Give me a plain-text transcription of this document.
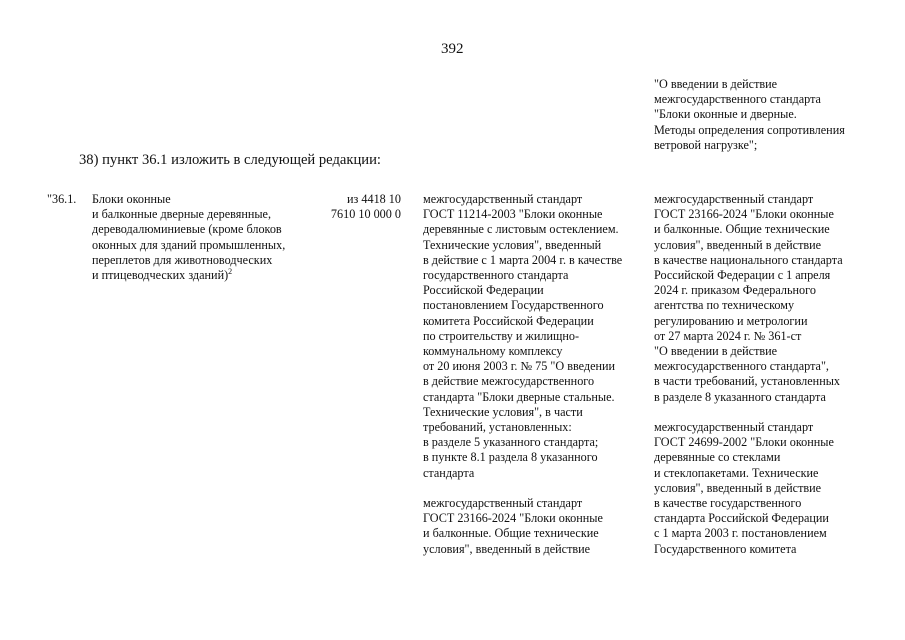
392
"О введении в действие
межгосударственного стандарта
"Блоки оконные и дверные.
Методы определения сопротивления
ветровой нагрузке";
38) пункт 36.1 изложить в следующей редакции:
"36.1. Блоки оконные
и балконные дверные деревянные,
дереводалюминиевые (кроме блоков
оконных для зданий промышленных,
переплетов для животноводческих
и птицеводческих зданий)$^2$
из 4418 10
7610 10 000 0
межгосударственный стандарт
ГОСТ 11214-2003 "Блоки оконные
деревянные с листовым остеклением.
Технические условия", введенный
в действие с 1 марта 2004 г. в качестве
государственного стандарта
Российской Федерации
постановлением Государственного
комитета Российской Федерации
по строительству и жилищно-
коммунальному комплексу
от 20 июня 2003 г. № 75 "О введении
в действие межгосударственного
стандарта "Блоки дверные стальные.
Технические условия", в части
требований, установленных:
в разделе 5 указанного стандарта;
в пункте 8.1 раздела 8 указанного
стандарта
межгосударственный стандарт
ГОСТ 23166-2024 "Блоки оконные
и балконные. Общие технические
условия", введенный в действие
межгосударственный стандарт
ГОСТ 23166-2024 "Блоки оконные
и балконные. Общие технические
условия", введенный в действие
в качестве национального стандарта
Российской Федерации с 1 апреля
2024 г. приказом Федерального
агентства по техническому
регулированию и метрологии
от 27 марта 2024 г. № 361-ст
"О введении в действие
межгосударственного стандарта",
в части требований, установленных
в разделе 8 указанного стандарта
межгосударственный стандарт
ГОСТ 24699-2002 "Блоки оконные
деревянные со стеклами
и стеклопакетами. Технические
условия", введенный в действие
в качестве государственного
стандарта Российской Федерации
с 1 марта 2003 г. постановлением
Государственного комитета
